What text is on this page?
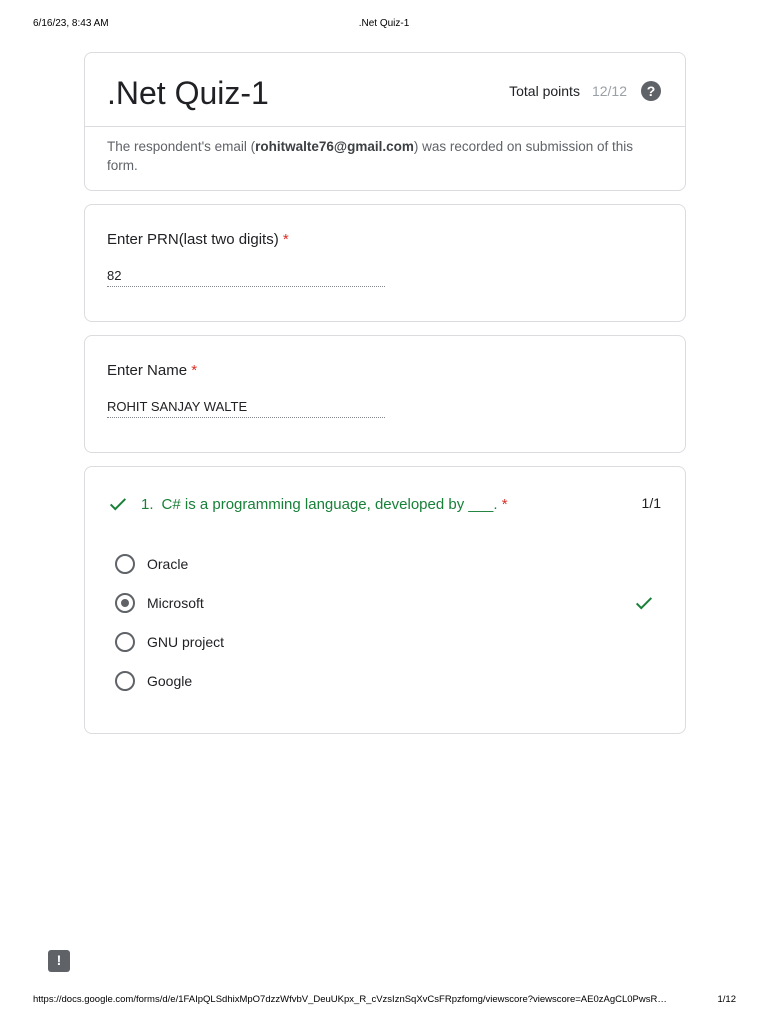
6/16/23, 8:43 AM	.Net Quiz-1
.Net Quiz-1	Total points 12/12	?
The respondent's email (rohitwalte76@gmail.com) was recorded on submission of this form.
Enter PRN(last two digits) *
82
Enter Name *
ROHIT SANJAY WALTE
1. C# is a programming language, developed by ___.
*	1/1
Oracle
Microsoft
GNU project
Google
!
https://docs.google.com/forms/d/e/1FAIpQLSdhixMpO7dzzWfvbV_DeuUKpx_R_cVzsIznSqXvCsFRpzfomg/viewscore?viewscore=AE0zAgCL0PwsR…	1/12
